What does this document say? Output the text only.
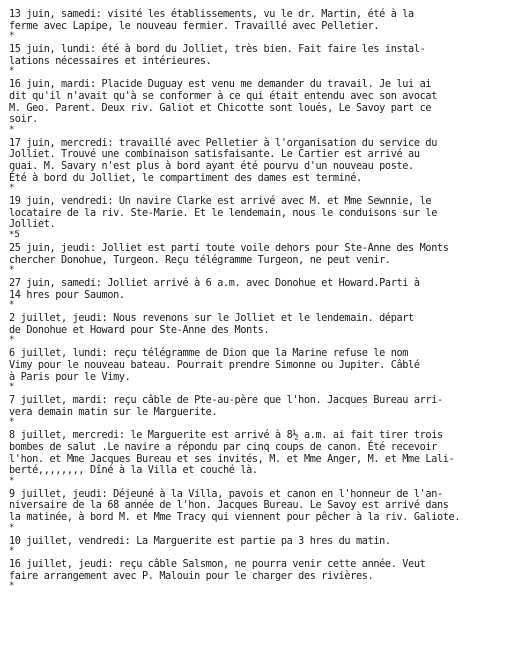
13 juin, samedi: visité les établissements, vu le dr. Martin, été à la
ferme avec Lapipe, le nouveau fermier. Travaillé avec Pelletier.
*
15 juin, lundi: été à bord du Jolliet, très bien. Fait faire les instal-
lations nécessaires et intérieures.
*
16 juin, mardi: Placide Duguay est venu me demander du travail. Je lui ai
dit qu'il n'avait qu'à se conformer à ce qui était entendu avec son avocat
M. Geo. Parent. Deux riv. Galiot et Chicotte sont loués, Le Savoy part ce
soir.
*
17 juin, mercredi: travaillé avec Pelletier à l'organisation du service du
Jolliet. Trouvé une combinaison satisfaisante. Le Cartier est arrivé au
quai. M. Savary n'est plus à bord ayant été pourvu d'un nouveau poste.
Été à bord du Jolliet, le compartiment des dames est terminé.
*
19 juin, vendredi: Un navire Clarke est arrivé avec M. et Mme Sewnnie, le
locataire de la riv. Ste-Marie. Et le lendemain, nous le conduisons sur le
Jolliet.
*5
25 juin, jeudi: Jolliet est parti toute voile dehors pour Ste-Anne des Monts
chercher Donohue, Turgeon. Reçu télégramme Turgeon, ne peut venir.
*
27 juin, samedi: Jolliet arrivé à 6 a.m. avec Donohue et Howard.Parti à
14 hres pour Saumon.
*
2 juillet, jeudi: Nous revenons sur le Jolliet et le lendemain. départ
de Donohue et Howard pour Ste-Anne des Monts.
*
6 juillet, lundi: reçu télégramme de Dion que la Marine refuse le nom
Vimy pour le nouveau bateau. Pourrait prendre Simonne ou Jupiter. Câblé
à Paris pour le Vimy.
*
7 juillet, mardi: reçu câble de Pte-au-père que l'hon. Jacques Bureau arri-
vera demain matin sur le Marguerite.
*
8 juillet, mercredi: le Marguerite est arrivé à 8½ a.m. ai fait tirer trois
bombes de salut .Le navire a répondu par cinq coups de canon. Été recevoir
l'hon. et Mme Jacques Bureau et ses invités, M. et Mme Anger, M. et Mme Lali-
berté,,,,,,,, Dîné à la Villa et couché là.
*
9 juillet, jeudi: Déjeuné à la Villa, pavois et canon en l'honneur de l'an-
niversaire de la 68 année de l'hon. Jacques Bureau. Le Savoy est arrivé dans
la matinée, à bord M. et Mme Tracy qui viennent pour pêcher à la riv. Galiote.
*
10 juillet, vendredi: La Marguerite est partie pa 3 hres du matin.
*
16 juillet, jeudi: reçu câble Salsmon, ne pourra venir cette année. Veut
faire arrangement avec P. Malouin pour le charger des rivières.
*
